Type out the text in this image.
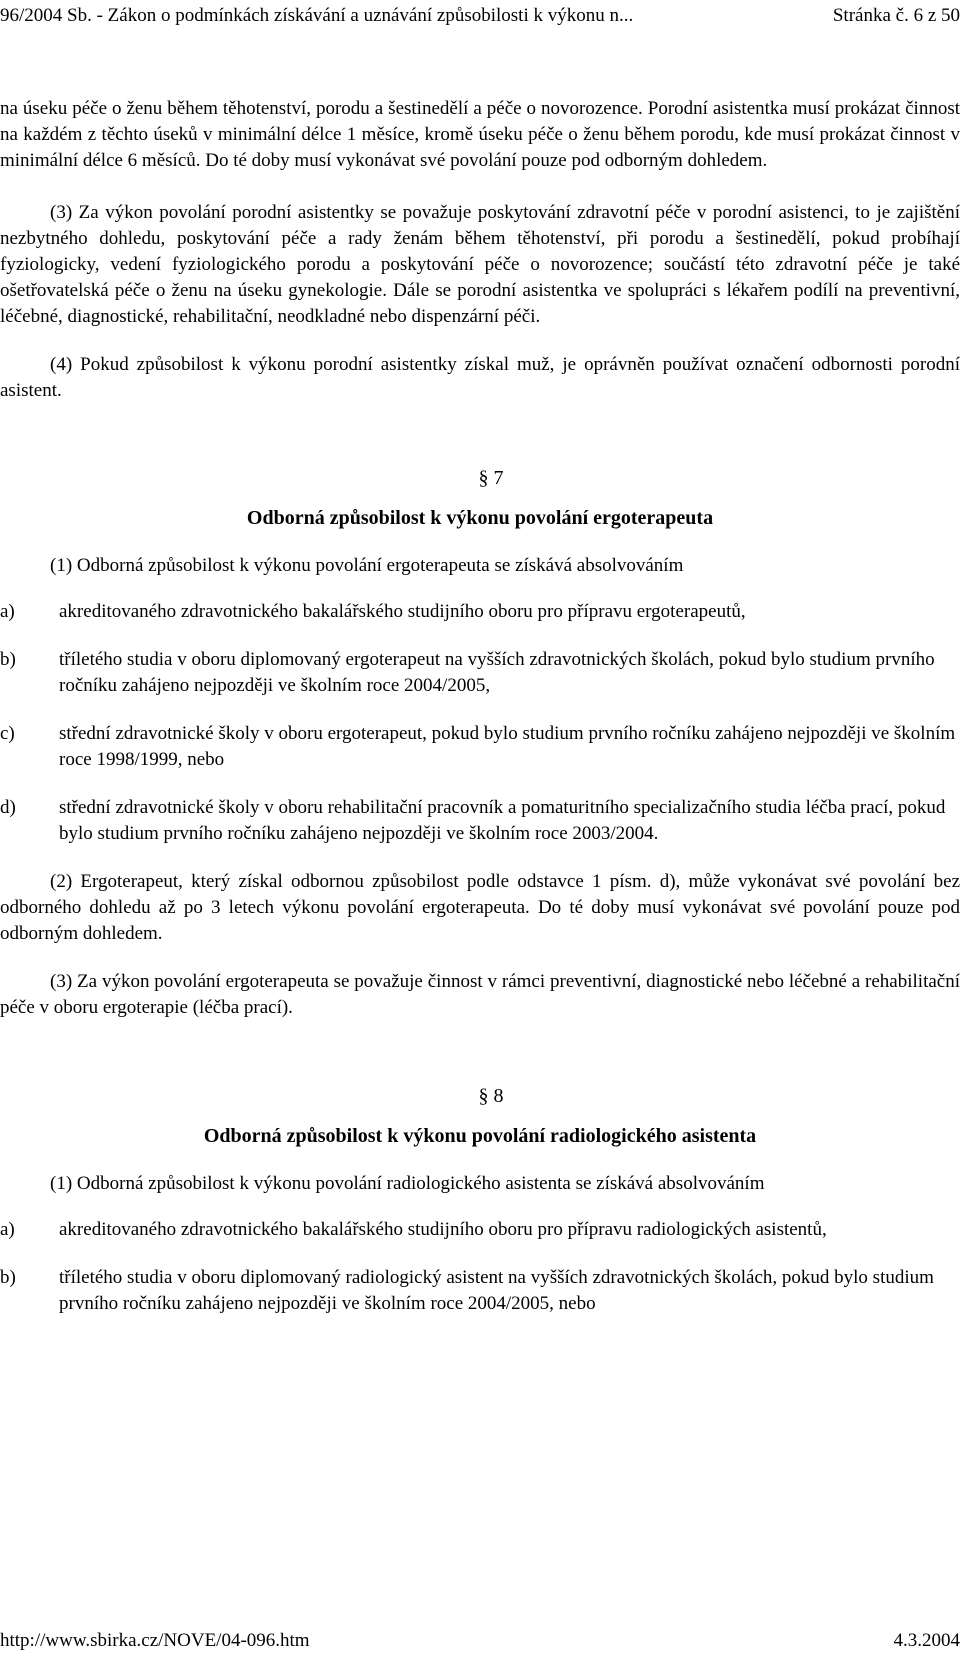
96/2004 Sb. - Zákon o podmínkách získávání a uznávání způsobilosti k výkonu n...	Stránka č. 6 z 50

na úseku péče o ženu během těhotenství, porodu a šestinedělí a péče o novorozence. Porodní asistentka musí prokázat činnost na každém z těchto úseků v minimální délce 1 měsíce, kromě úseku péče o ženu během porodu, kde musí prokázat činnost v minimální délce 6 měsíců. Do té doby musí vykonávat své povolání pouze pod odborným dohledem.

(3) Za výkon povolání porodní asistentky se považuje poskytování zdravotní péče v porodní asistenci, to je zajištění nezbytného dohledu, poskytování péče a rady ženám během těhotenství, při porodu a šestinedělí, pokud probíhají fyziologicky, vedení fyziologického porodu a poskytování péče o novorozence; součástí této zdravotní péče je také ošetřovatelská péče o ženu na úseku gynekologie. Dále se porodní asistentka ve spolupráci s lékařem podílí na preventivní, léčebné, diagnostické, rehabilitační, neodkladné nebo dispenzární péči.

(4) Pokud způsobilost k výkonu porodní asistentky získal muž, je oprávněn používat označení odbornosti porodní asistent.

§ 7

Odborná způsobilost k výkonu povolání ergoterapeuta

(1) Odborná způsobilost k výkonu povolání ergoterapeuta se získává absolvováním

a) akreditovaného zdravotnického bakalářského studijního oboru pro přípravu ergoterapeutů,

b) tříletého studia v oboru diplomovaný ergoterapeut na vyšších zdravotnických školách, pokud bylo studium prvního ročníku zahájeno nejpozději ve školním roce 2004/2005,

c) střední zdravotnické školy v oboru ergoterapeut, pokud bylo studium prvního ročníku zahájeno nejpozději ve školním roce 1998/1999, nebo

d) střední zdravotnické školy v oboru rehabilitační pracovník a pomaturitního specializačního studia léčba prací, pokud bylo studium prvního ročníku zahájeno nejpozději ve školním roce 2003/2004.

(2) Ergoterapeut, který získal odbornou způsobilost podle odstavce 1 písm. d), může vykonávat své povolání bez odborného dohledu až po 3 letech výkonu povolání ergoterapeuta. Do té doby musí vykonávat své povolání pouze pod odborným dohledem.

(3) Za výkon povolání ergoterapeuta se považuje činnost v rámci preventivní, diagnostické nebo léčebné a rehabilitační péče v oboru ergoterapie (léčba prací).

§ 8

Odborná způsobilost k výkonu povolání radiologického asistenta

(1) Odborná způsobilost k výkonu povolání radiologického asistenta se získává absolvováním

a) akreditovaného zdravotnického bakalářského studijního oboru pro přípravu radiologických asistentů,

b) tříletého studia v oboru diplomovaný radiologický asistent na vyšších zdravotnických školách, pokud bylo studium prvního ročníku zahájeno nejpozději ve školním roce 2004/2005, nebo

http://www.sbirka.cz/NOVE/04-096.htm	4.3.2004
